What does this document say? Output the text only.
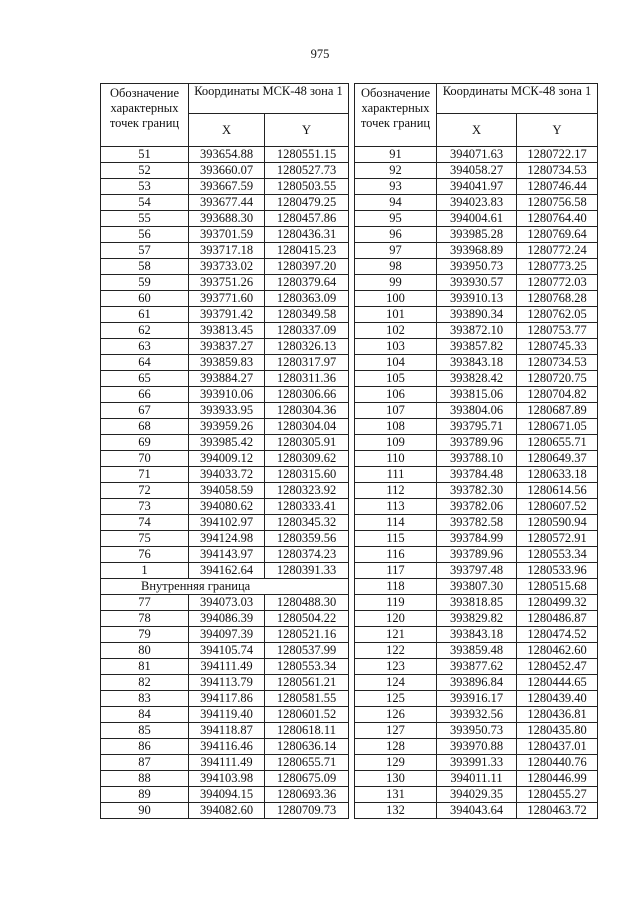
975
Обозначение характерных точек границ	Координаты МСК-48 зона 1	
	X	Y
51	393654.88	1280551.15
52	393660.07	1280527.73
53	393667.59	1280503.55
54	393677.44	1280479.25
55	393688.30	1280457.86
56	393701.59	1280436.31
57	393717.18	1280415.23
58	393733.02	1280397.20
59	393751.26	1280379.64
60	393771.60	1280363.09
61	393791.42	1280349.58
62	393813.45	1280337.09
63	393837.27	1280326.13
64	393859.83	1280317.97
65	393884.27	1280311.36
66	393910.06	1280306.66
67	393933.95	1280304.36
68	393959.26	1280304.04
69	393985.42	1280305.91
70	394009.12	1280309.62
71	394033.72	1280315.60
72	394058.59	1280323.92
73	394080.62	1280333.41
74	394102.97	1280345.32
75	394124.98	1280359.56
76	394143.97	1280374.23
1	394162.64	1280391.33
Внутренняя граница		
77	394073.03	1280488.30
78	394086.39	1280504.22
79	394097.39	1280521.16
80	394105.74	1280537.99
81	394111.49	1280553.34
82	394113.79	1280561.21
83	394117.86	1280581.55
84	394119.40	1280601.52
85	394118.87	1280618.11
86	394116.46	1280636.14
87	394111.49	1280655.71
88	394103.98	1280675.09
89	394094.15	1280693.36
90	394082.60	1280709.73
Обозначение характерных точек границ	Координаты МСК-48 зона 1	
	X	Y
91	394071.63	1280722.17
92	394058.27	1280734.53
93	394041.97	1280746.44
94	394023.83	1280756.58
95	394004.61	1280764.40
96	393985.28	1280769.64
97	393968.89	1280772.24
98	393950.73	1280773.25
99	393930.57	1280772.03
100	393910.13	1280768.28
101	393890.34	1280762.05
102	393872.10	1280753.77
103	393857.82	1280745.33
104	393843.18	1280734.53
105	393828.42	1280720.75
106	393815.06	1280704.82
107	393804.06	1280687.89
108	393795.71	1280671.05
109	393789.96	1280655.71
110	393788.10	1280649.37
111	393784.48	1280633.18
112	393782.30	1280614.56
113	393782.06	1280607.52
114	393782.58	1280590.94
115	393784.99	1280572.91
116	393789.96	1280553.34
117	393797.48	1280533.96
118	393807.30	1280515.68
119	393818.85	1280499.32
120	393829.82	1280486.87
121	393843.18	1280474.52
122	393859.48	1280462.60
123	393877.62	1280452.47
124	393896.84	1280444.65
125	393916.17	1280439.40
126	393932.56	1280436.81
127	393950.73	1280435.80
128	393970.88	1280437.01
129	393991.33	1280440.76
130	394011.11	1280446.99
131	394029.35	1280455.27
132	394043.64	1280463.72
